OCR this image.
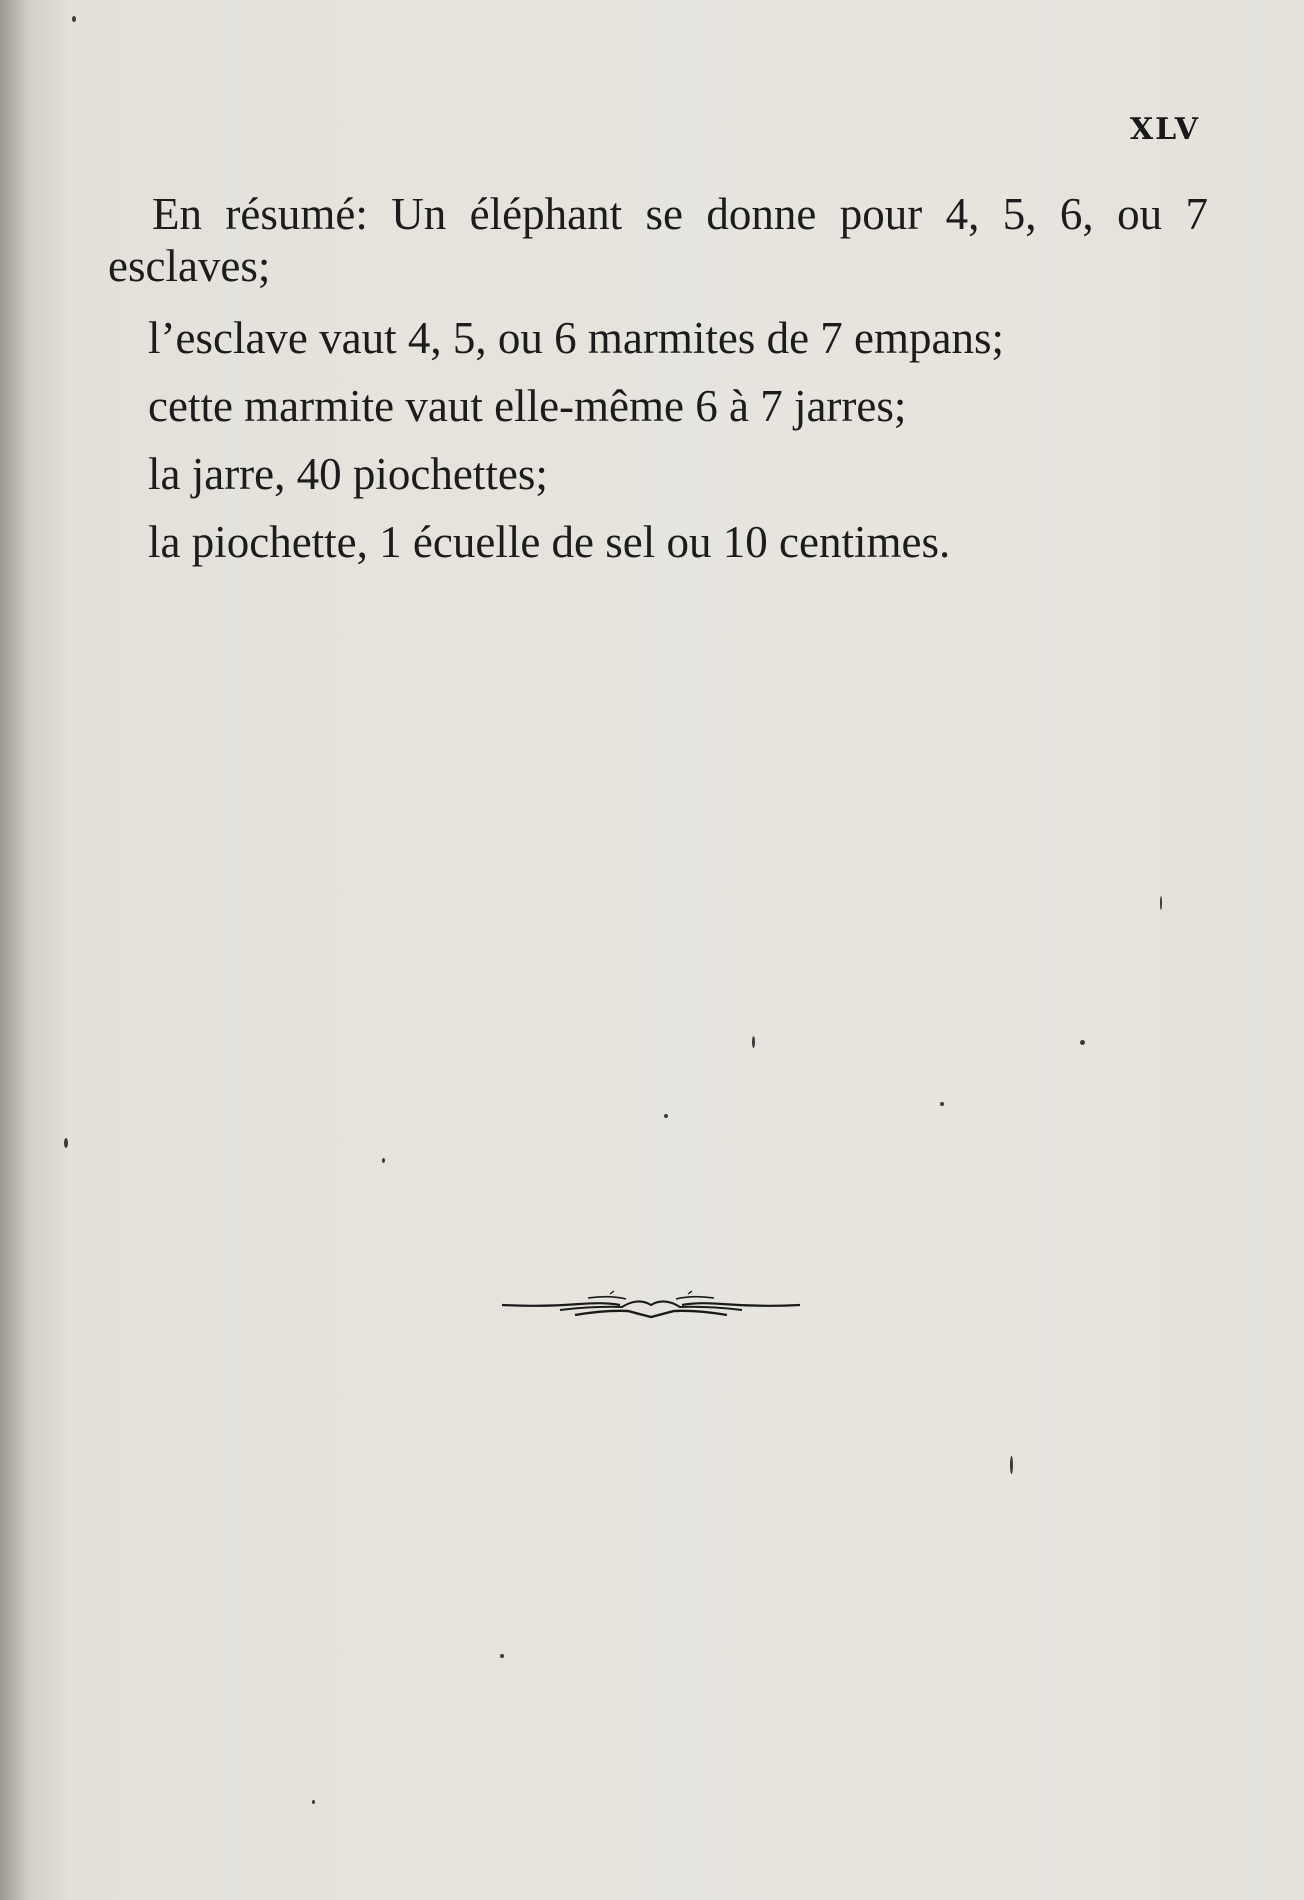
XLV

En résumé: Un éléphant se donne pour 4, 5, 6, ou 7 esclaves;

l’esclave vaut 4, 5, ou 6 marmites de 7 empans;

cette marmite vaut elle-même 6 à 7 jarres;

la jarre, 40 piochettes;

la piochette, 1 écuelle de sel ou 10 centimes.
